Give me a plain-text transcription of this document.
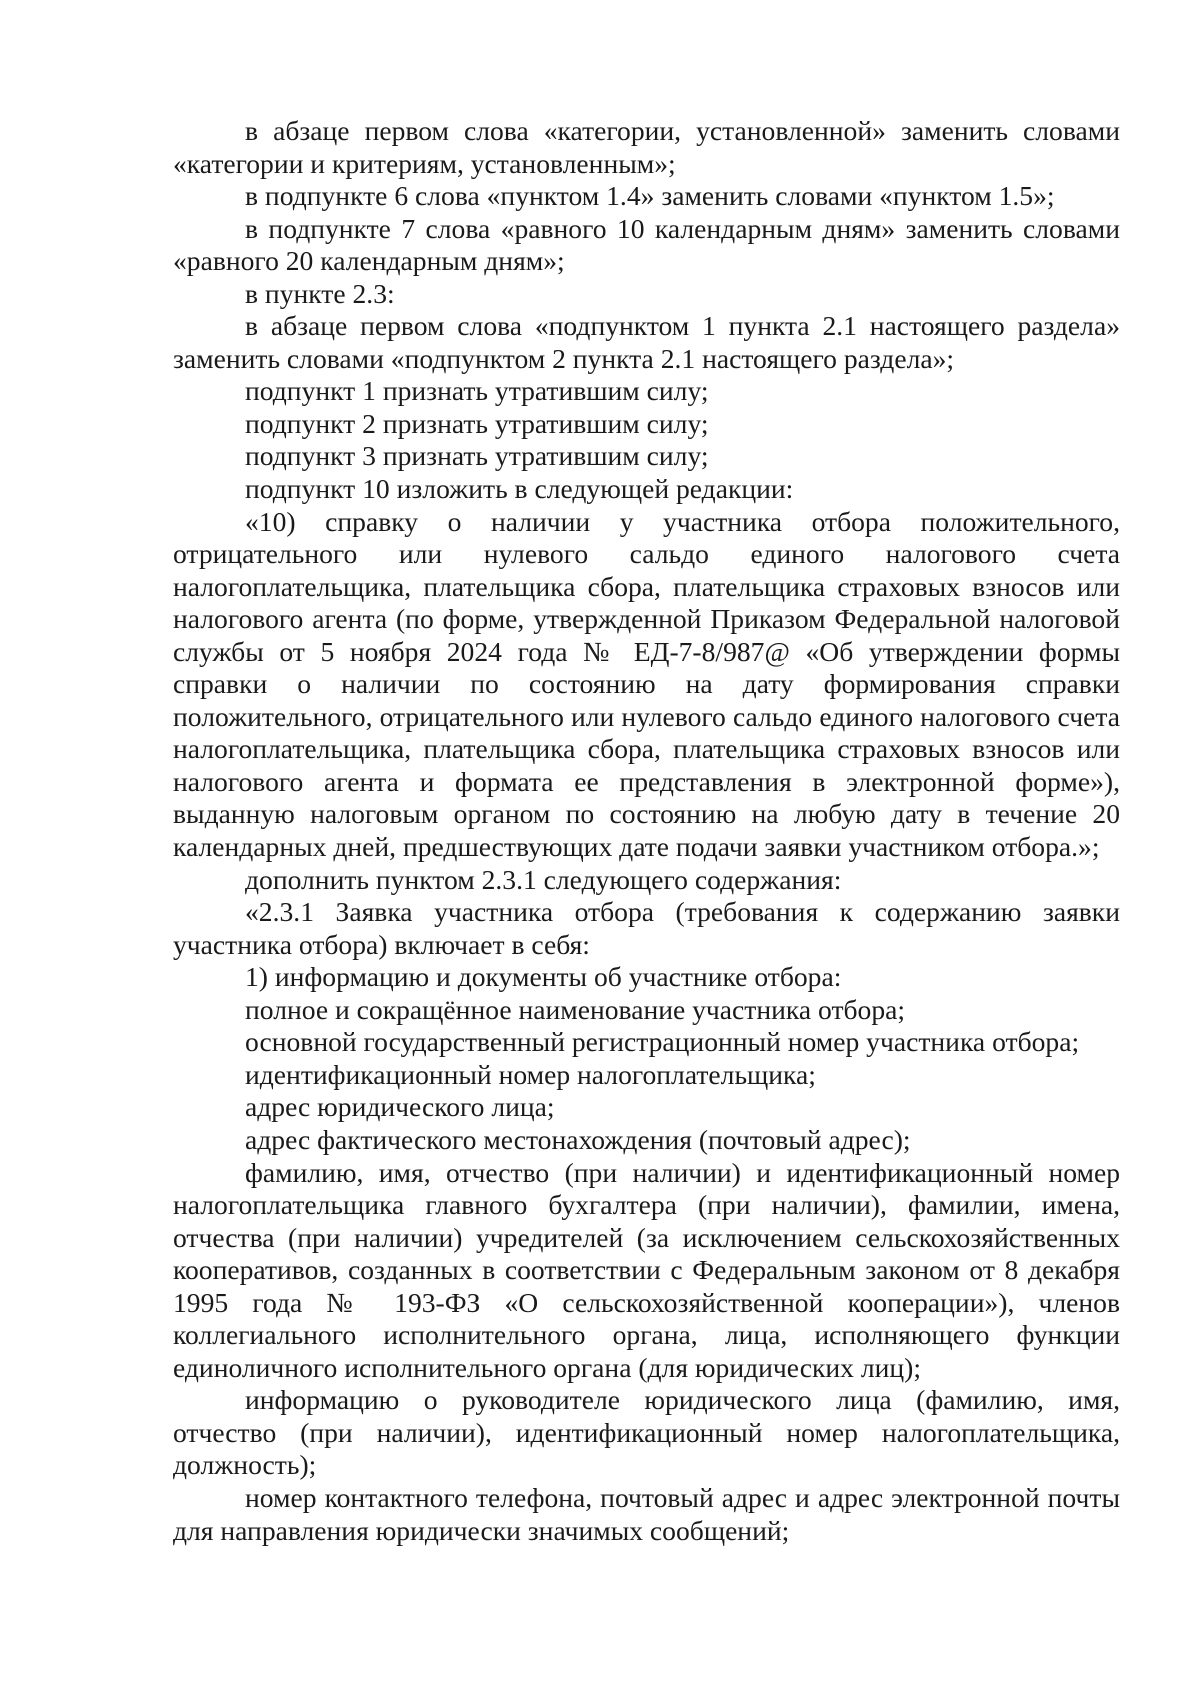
в абзаце первом слова «категории, установленной» заменить словами «категории и критериям, установленным»;

в подпункте 6 слова «пунктом 1.4» заменить словами «пунктом 1.5»;

в подпункте 7 слова «равного 10 календарным дням» заменить словами «равного 20 календарным дням»;

в пункте 2.3:

в абзаце первом слова «подпунктом 1 пункта 2.1 настоящего раздела» заменить словами «подпунктом 2 пункта 2.1 настоящего раздела»;

подпункт 1 признать утратившим силу;

подпункт 2 признать утратившим силу;

подпункт 3 признать утратившим силу;

подпункт 10 изложить в следующей редакции:

«10) справку о наличии у участника отбора положительного, отрицательного или нулевого сальдо единого налогового счета налогоплательщика, плательщика сбора, плательщика страховых взносов или налогового агента (по форме, утвержденной Приказом Федеральной налоговой службы от 5 ноября 2024 года № ЕД-7-8/987@ «Об утверждении формы справки о наличии по состоянию на дату формирования справки положительного, отрицательного или нулевого сальдо единого налогового счета налогоплательщика, плательщика сбора, плательщика страховых взносов или налогового агента и формата ее представления в электронной форме»), выданную налоговым органом по состоянию на любую дату в течение 20 календарных дней, предшествующих дате подачи заявки участником отбора.»;

дополнить пунктом 2.3.1 следующего содержания:

«2.3.1 Заявка участника отбора (требования к содержанию заявки участника отбора) включает в себя:

1) информацию и документы об участнике отбора:

полное и сокращённое наименование участника отбора;

основной государственный регистрационный номер участника отбора;

идентификационный номер налогоплательщика;

адрес юридического лица;

адрес фактического местонахождения (почтовый адрес);

фамилию, имя, отчество (при наличии) и идентификационный номер налогоплательщика главного бухгалтера (при наличии), фамилии, имена, отчества (при наличии) учредителей (за исключением сельскохозяйственных кооперативов, созданных в соответствии с Федеральным законом от 8 декабря 1995 года № 193-ФЗ «О сельскохозяйственной кооперации»), членов коллегиального исполнительного органа, лица, исполняющего функции единоличного исполнительного органа (для юридических лиц);

информацию о руководителе юридического лица (фамилию, имя, отчество (при наличии), идентификационный номер налогоплательщика, должность);

номер контактного телефона, почтовый адрес и адрес электронной почты для направления юридически значимых сообщений;
